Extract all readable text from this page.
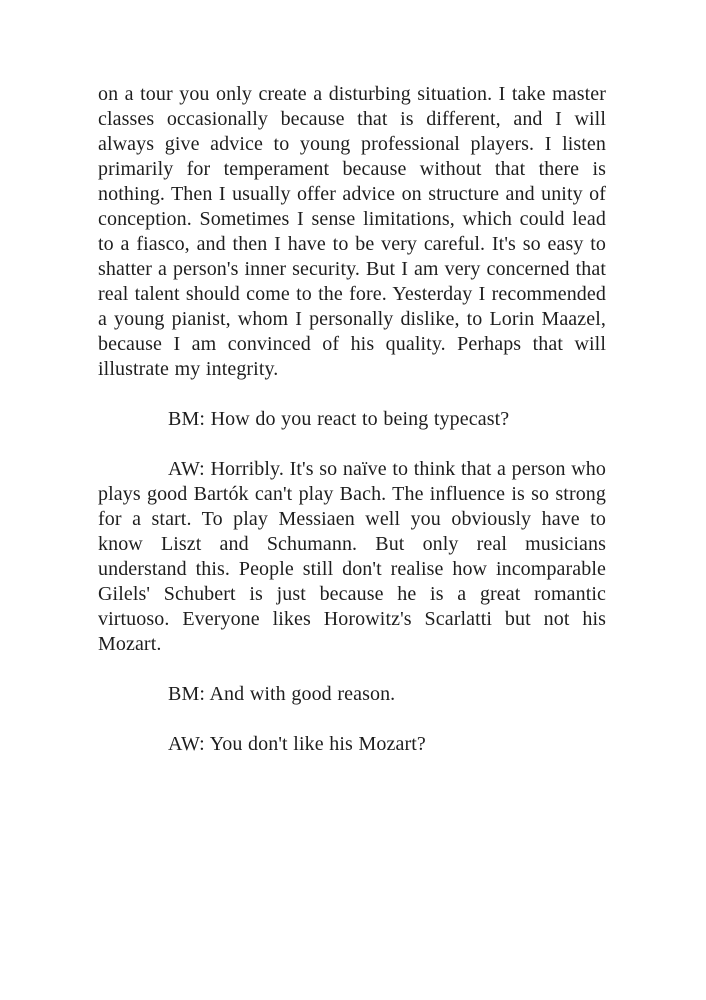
on a tour you only create a disturbing situation. I take master classes occasionally because that is different, and I will always give advice to young professional players. I listen primarily for temperament because without that there is nothing. Then I usually offer advice on structure and unity of conception. Sometimes I sense limitations, which could lead to a fiasco, and then I have to be very careful. It's so easy to shatter a person's inner security. But I am very concerned that real talent should come to the fore. Yesterday I recommended a young pianist, whom I personally dislike, to Lorin Maazel, because I am convinced of his quality. Perhaps that will illustrate my integrity.

BM: How do you react to being typecast?

AW: Horribly. It's so naïve to think that a person who plays good Bartók can't play Bach. The influence is so strong for a start. To play Messiaen well you obviously have to know Liszt and Schumann. But only real musicians understand this. People still don't realise how incomparable Gilels' Schubert is just because he is a great romantic virtuoso. Everyone likes Horowitz's Scarlatti but not his Mozart.

BM: And with good reason.

AW: You don't like his Mozart?
